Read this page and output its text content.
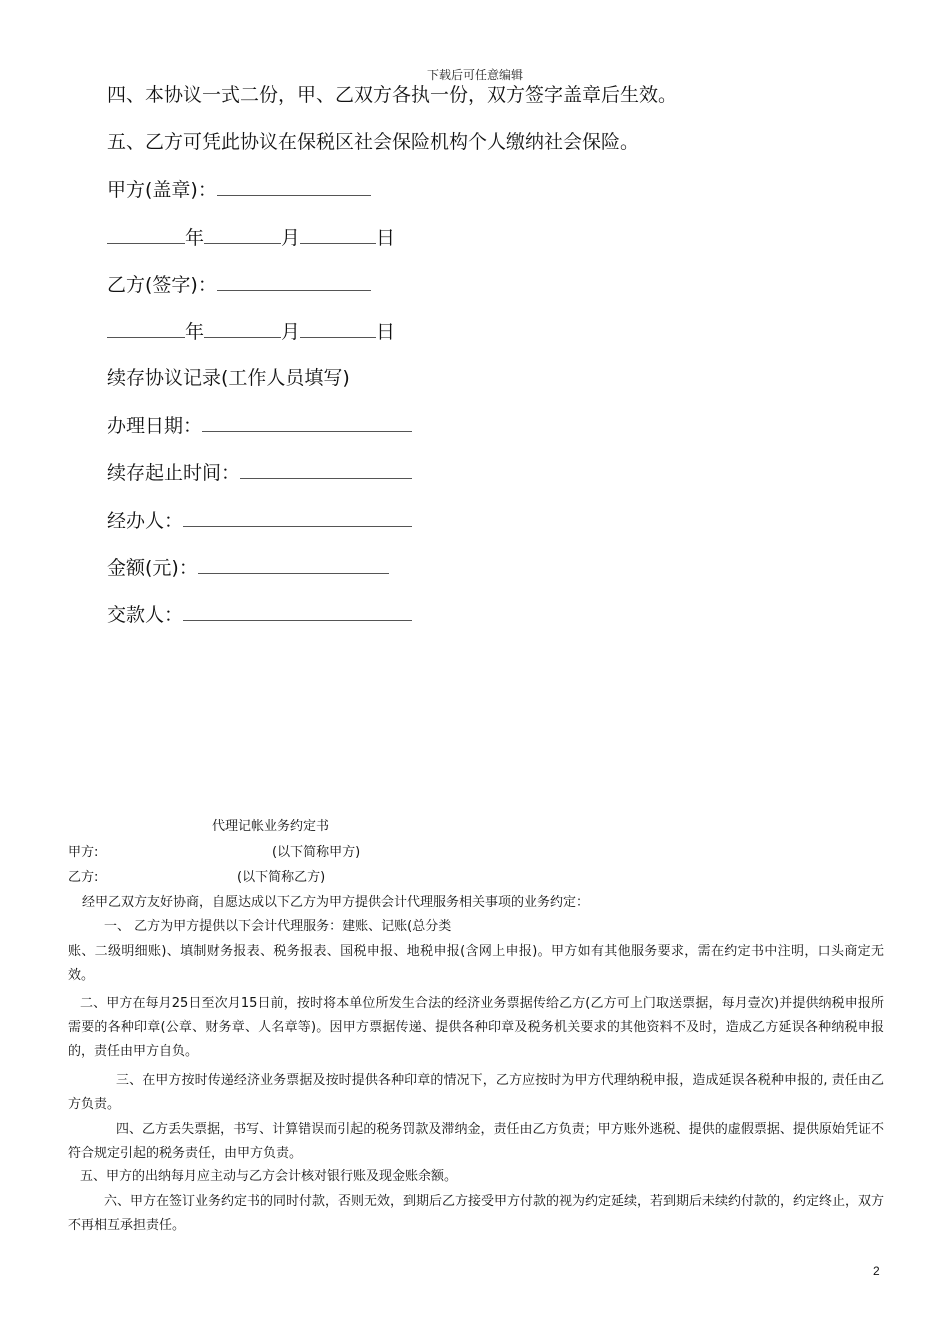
下载后可任意编辑
四、本协议一式二份，甲、乙双方各执一份，双方签字盖章后生效。
五、乙方可凭此协议在保税区社会保险机构个人缴纳社会保险。
甲方(盖章)：
年	月	日
乙方(签字)：
年	月	日
续存协议记录(工作人员填写)
办理日期：
续存起止时间：
经办人：
金额(元)：
交款人：
代理记帐业务约定书
甲方:	(以下简称甲方)
乙方:	(以下简称乙方)
经甲乙双方友好协商，自愿达成以下乙方为甲方提供会计代理服务相关事项的业务约定：
一、 乙方为甲方提供以下会计代理服务：建账、记账(总分类
账、二级明细账)、填制财务报表、税务报表、国税申报、地税申报(含网上申报)。甲方如有其他服务要求，需在约定书中注明，口头商定无效。
二、甲方在每月25日至次月15日前，按时将本单位所发生合法的经济业务票据传给乙方(乙方可上门取送票据，每月壹次)并提供纳税申报所需要的各种印章(公章、财务章、人名章等)。因甲方票据传递、提供各种印章及税务机关要求的其他资料不及时，造成乙方延误各种纳税申报的，责任由甲方自负。
三、在甲方按时传递经济业务票据及按时提供各种印章的情况下，乙方应按时为甲方代理纳税申报，造成延误各税种申报的, 责任由乙方负责。
四、乙方丢失票据，书写、计算错误而引起的税务罚款及滞纳金，责任由乙方负责；甲方账外逃税、提供的虚假票据、提供原始凭证不符合规定引起的税务责任，由甲方负责。
五、甲方的出纳每月应主动与乙方会计核对银行账及现金账余额。
六、甲方在签订业务约定书的同时付款，否则无效，到期后乙方接受甲方付款的视为约定延续，若到期后未续约付款的，约定终止，双方不再相互承担责任。
2
